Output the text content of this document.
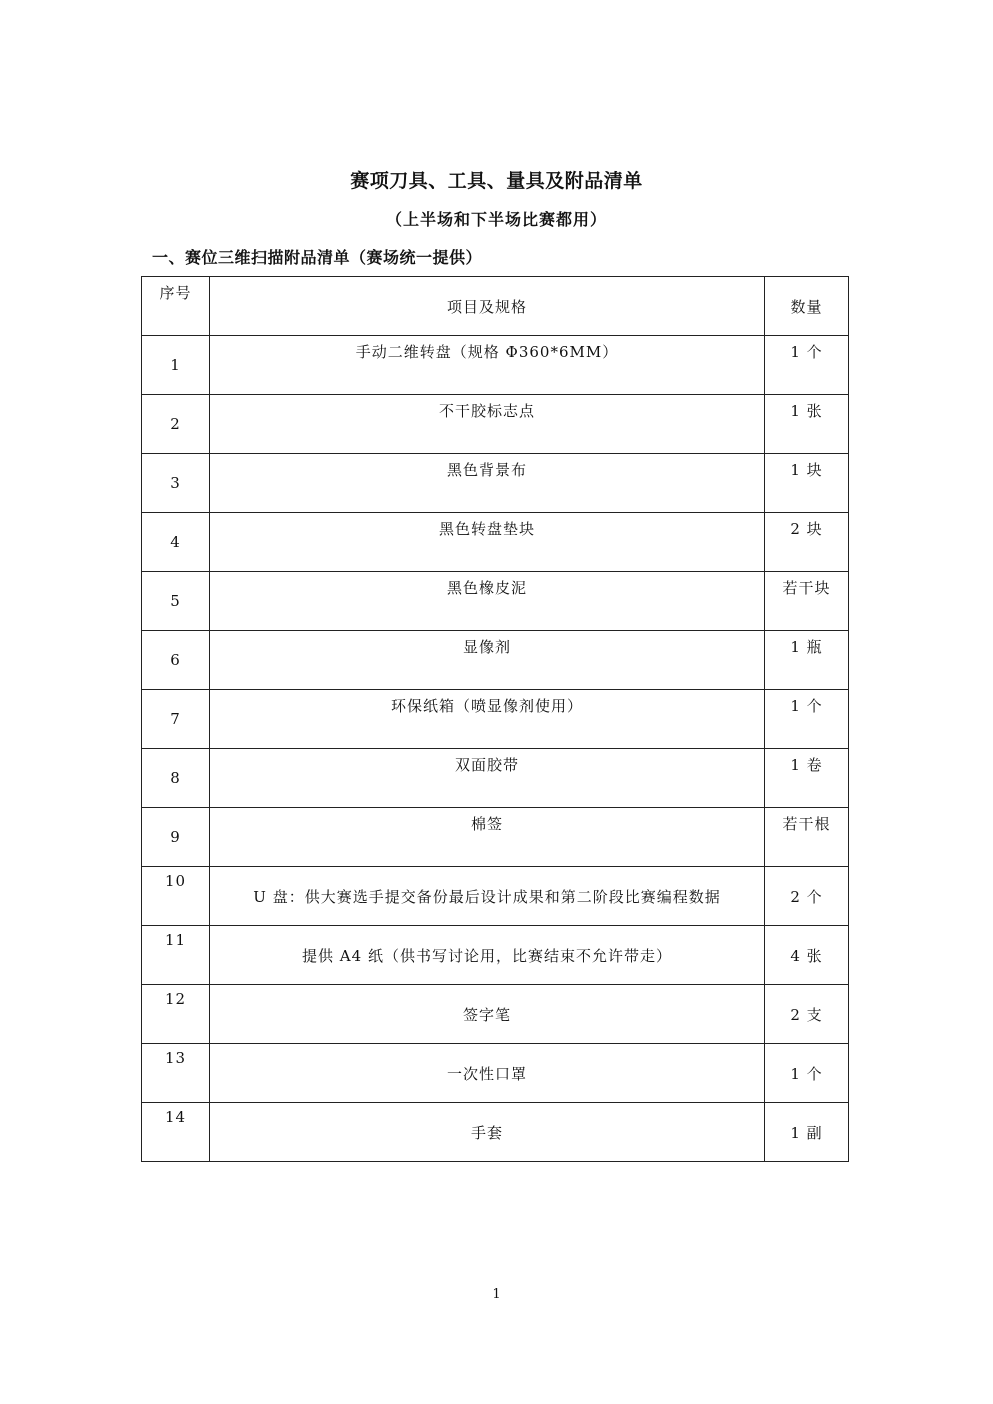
赛项刀具、工具、量具及附品清单
（上半场和下半场比赛都用）
一、赛位三维扫描附品清单（赛场统一提供）
序号	项目及规格	数量
1	手动二维转盘（规格 Φ360*6MM）	1 个
2	不干胶标志点	1 张
3	黑色背景布	1 块
4	黑色转盘垫块	2 块
5	黑色橡皮泥	若干块
6	显像剂	1 瓶
7	环保纸箱（喷显像剂使用）	1 个
8	双面胶带	1 卷
9	棉签	若干根
10	U 盘：供大赛选手提交备份最后设计成果和第二阶段比赛编程数据	2 个
11	提供 A4 纸（供书写讨论用，比赛结束不允许带走）	4 张
12	签字笔	2 支
13	一次性口罩	1 个
14	手套	1 副
1
